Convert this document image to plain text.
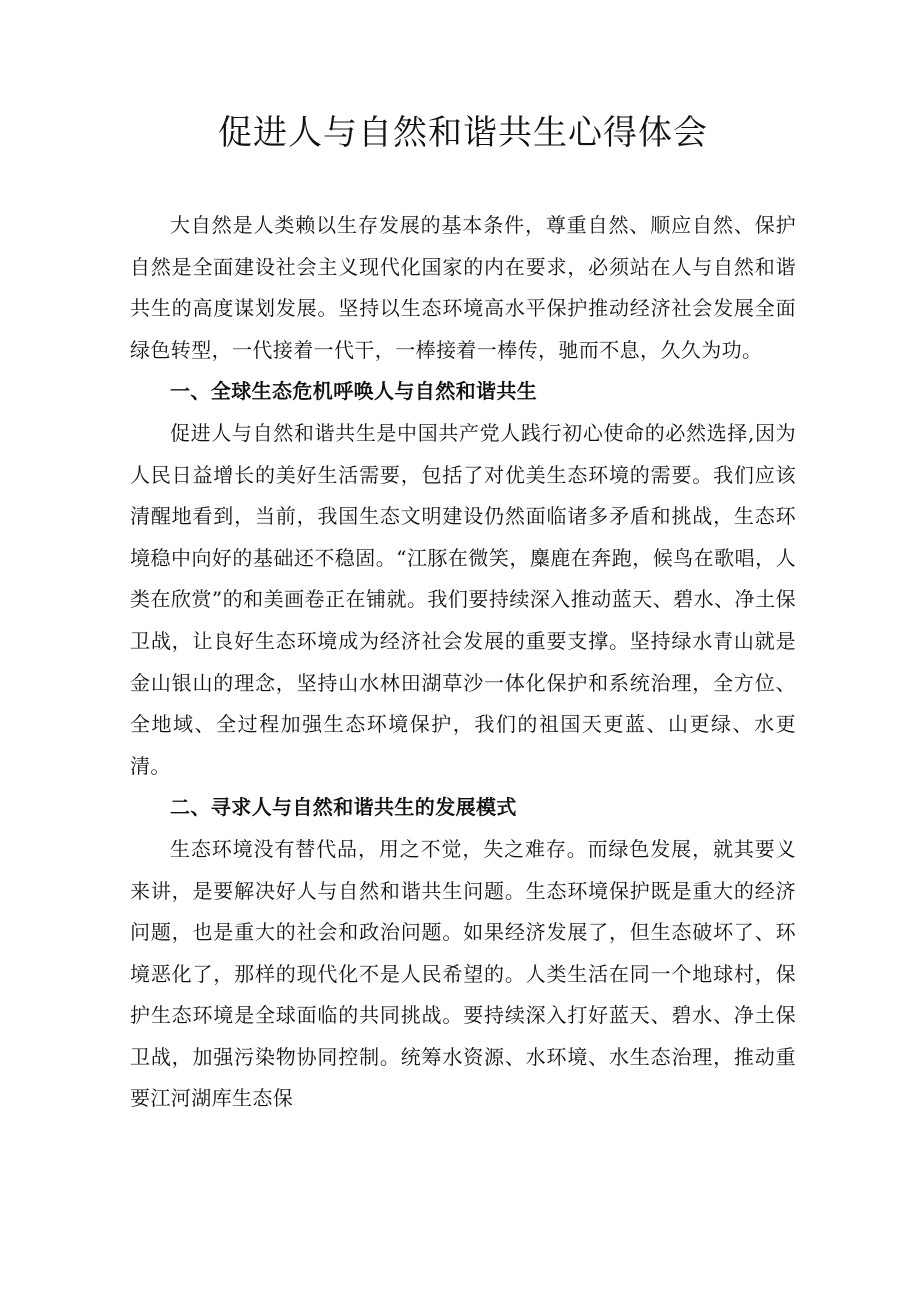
促进人与自然和谐共生心得体会

大自然是人类赖以生存发展的基本条件，尊重自然、顺应自然、保护自然是全面建设社会主义现代化国家的内在要求，必须站在人与自然和谐共生的高度谋划发展。坚持以生态环境高水平保护推动经济社会发展全面绿色转型，一代接着一代干，一棒接着一棒传，驰而不息，久久为功。

一、全球生态危机呼唤人与自然和谐共生

促进人与自然和谐共生是中国共产党人践行初心使命的必然选择,因为人民日益增长的美好生活需要，包括了对优美生态环境的需要。我们应该清醒地看到，当前，我国生态文明建设仍然面临诸多矛盾和挑战，生态环境稳中向好的基础还不稳固。“江豚在微笑，麋鹿在奔跑，候鸟在歌唱，人类在欣赏”的和美画卷正在铺就。我们要持续深入推动蓝天、碧水、净土保卫战，让良好生态环境成为经济社会发展的重要支撑。坚持绿水青山就是金山银山的理念，坚持山水林田湖草沙一体化保护和系统治理，全方位、全地域、全过程加强生态环境保护，我们的祖国天更蓝、山更绿、水更清。

二、寻求人与自然和谐共生的发展模式

生态环境没有替代品，用之不觉，失之难存。而绿色发展，就其要义来讲，是要解决好人与自然和谐共生问题。生态环境保护既是重大的经济问题，也是重大的社会和政治问题。如果经济发展了，但生态破坏了、环境恶化了，那样的现代化不是人民希望的。人类生活在同一个地球村，保护生态环境是全球面临的共同挑战。要持续深入打好蓝天、碧水、净土保卫战，加强污染物协同控制。统筹水资源、水环境、水生态治理，推动重要江河湖库生态保
